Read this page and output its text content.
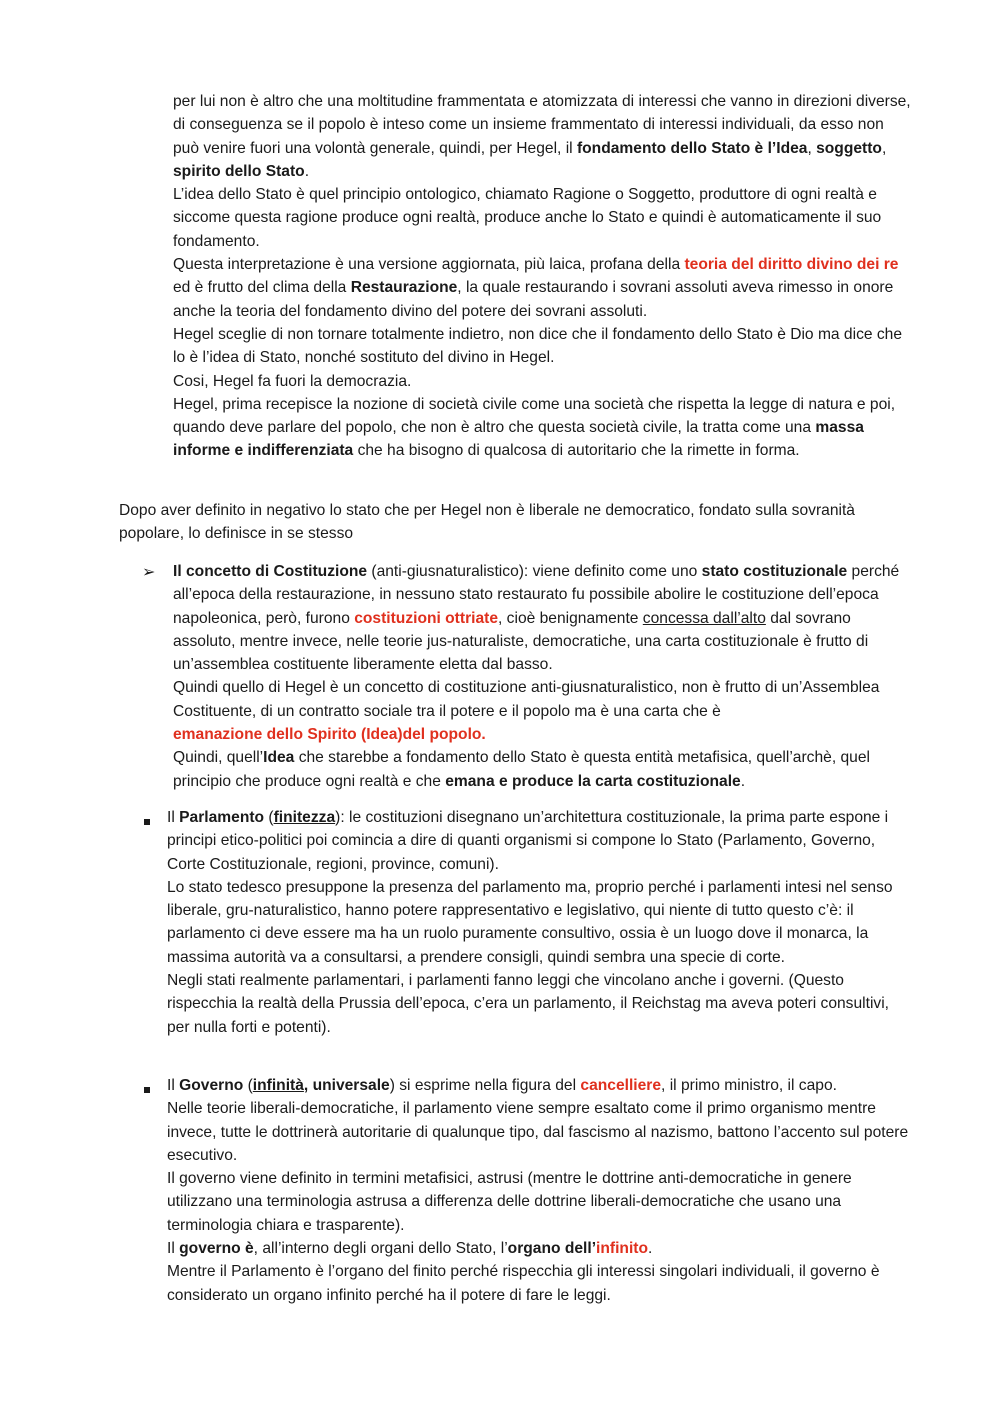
per lui non è altro che una moltitudine frammentata e atomizzata di interessi che vanno in direzioni diverse, di conseguenza se il popolo è inteso come un insieme frammentato di interessi individuali, da esso non può venire fuori una volontà generale, quindi, per Hegel, il fondamento dello Stato è l’Idea, soggetto, spirito dello Stato.
L’idea dello Stato è quel principio ontologico, chiamato Ragione o Soggetto, produttore di ogni realtà e siccome questa ragione produce ogni realtà, produce anche lo Stato e quindi è automaticamente il suo fondamento.
Questa interpretazione è una versione aggiornata, più laica, profana della teoria del diritto divino dei re ed è frutto del clima della Restaurazione, la quale restaurando i sovrani assoluti aveva rimesso in onore anche la teoria del fondamento divino del potere dei sovrani assoluti.
Hegel sceglie di non tornare totalmente indietro, non dice che il fondamento dello Stato è Dio ma dice che lo è l’idea di Stato, nonché sostituto del divino in Hegel.
Cosi, Hegel fa fuori la democrazia.
Hegel, prima recepisce la nozione di società civile come una società che rispetta la legge di natura e poi, quando deve parlare del popolo, che non è altro che questa società civile, la tratta come una massa informe e indifferenziata che ha bisogno di qualcosa di autoritario che la rimette in forma.
Dopo aver definito in negativo lo stato che per Hegel non è liberale ne democratico, fondato sulla sovranità popolare, lo definisce in se stesso
➢ Il concetto di Costituzione (anti-giusnaturalistico): viene definito come uno stato costituzionale perché all’epoca della restaurazione, in nessuno stato restaurato fu possibile abolire le costituzione dell’epoca napoleonica, però, furono costituzioni ottriate, cioè benignamente concessa dall’alto dal sovrano assoluto, mentre invece, nelle teorie jus-naturaliste, democratiche, una carta costituzionale è frutto di un’assemblea costituente liberamente eletta dal basso.
Quindi quello di Hegel è un concetto di costituzione anti-giusnaturalistico, non è frutto di un’Assemblea Costituente, di un contratto sociale tra il potere e il popolo ma è una carta che è
emanazione dello Spirito (Idea)del popolo.
Quindi, quell’Idea che starebbe a fondamento dello Stato è questa entità metafisica, quell’archè, quel principio che produce ogni realtà e che emana e produce la carta costituzionale.
Il Parlamento (finitezza): le costituzioni disegnano un’architettura costituzionale, la prima parte espone i principi etico-politici poi comincia a dire di quanti organismi si compone lo Stato (Parlamento, Governo, Corte Costituzionale, regioni, province, comuni).
Lo stato tedesco presuppone la presenza del parlamento ma, proprio perché i parlamenti intesi nel senso liberale, gru-naturalistico, hanno potere rappresentativo e legislativo, qui niente di tutto questo c’è: il parlamento ci deve essere ma ha un ruolo puramente consultivo, ossia è un luogo dove il monarca, la massima autorità va a consultarsi, a prendere consigli, quindi sembra una specie di corte.
Negli stati realmente parlamentari, i parlamenti fanno leggi che vincolano anche i governi. (Questo rispecchia la realtà della Prussia dell’epoca, c’era un parlamento, il Reichstag ma aveva poteri consultivi, per nulla forti e potenti).
Il Governo (infinità, universale) si esprime nella figura del cancelliere, il primo ministro, il capo.
Nelle teorie liberali-democratiche, il parlamento viene sempre esaltato come il primo organismo mentre invece, tutte le dottrinerà autoritarie di qualunque tipo, dal fascismo al nazismo, battono l’accento sul potere esecutivo.
Il governo viene definito in termini metafisici, astrusi (mentre le dottrine anti-democratiche in genere utilizzano una terminologia astrusa a differenza delle dottrine liberali-democratiche che usano una terminologia chiara e trasparente).
Il governo è, all’interno degli organi dello Stato, l’organo dell’infinito.
Mentre il Parlamento è l’organo del finito perché rispecchia gli interessi singolari individuali, il governo è considerato un organo infinito perché ha il potere di fare le leggi.
